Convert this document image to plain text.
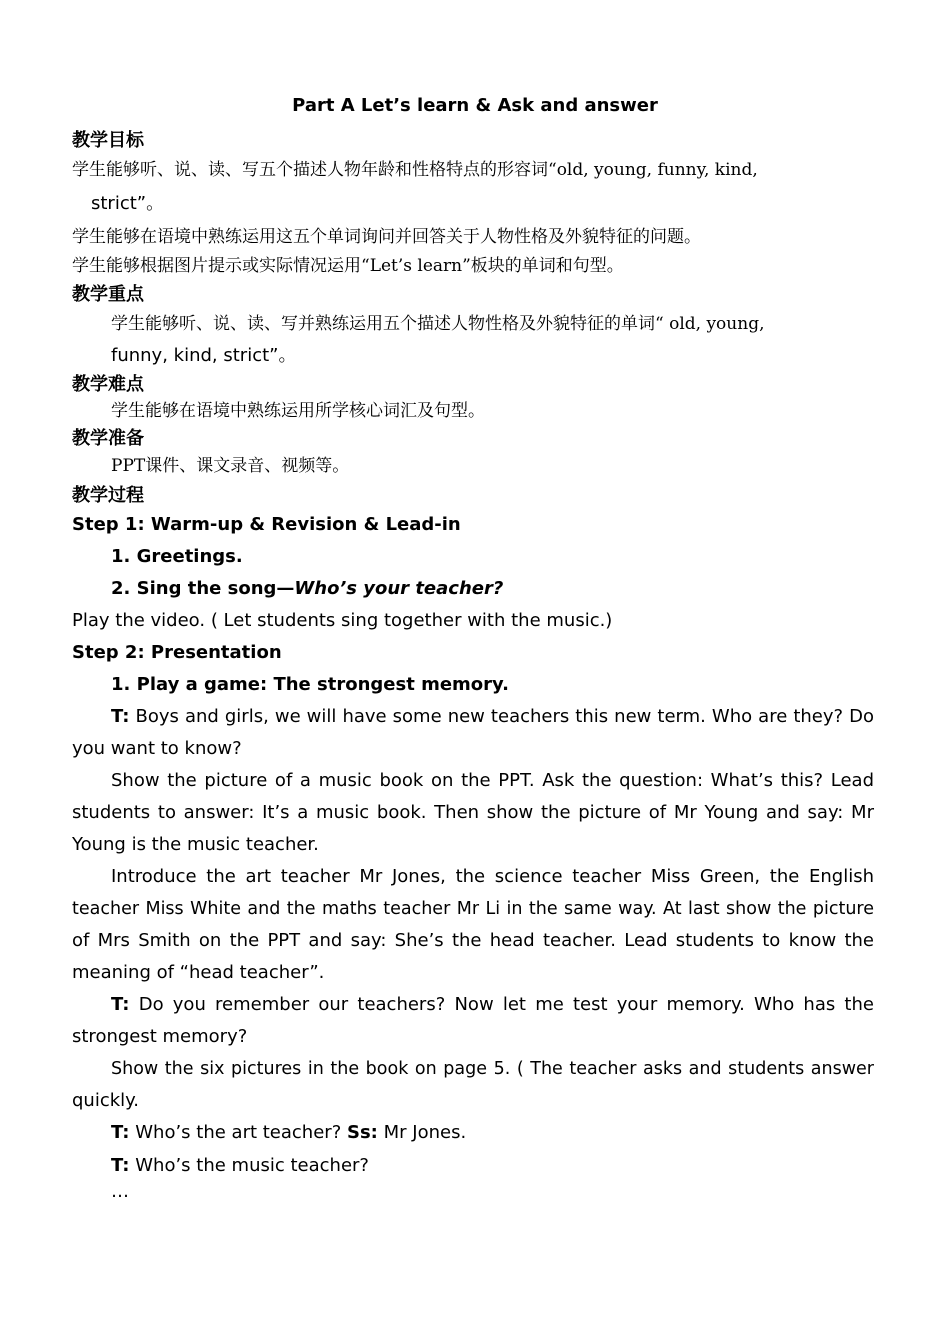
Part A Let’s learn & Ask and answer

教学目标

学生能够听、说、读、写五个描述人物年龄和性格特点的形容词“old, young, funny, kind,

strict”。

学生能够在语境中熟练运用这五个单词询问并回答关于人物性格及外貌特征的问题。

学生能够根据图片提示或实际情况运用“Let’s learn”板块的单词和句型。

教学重点

学生能够听、说、读、写并熟练运用五个描述人物性格及外貌特征的单词“ old, young,

funny, kind, strict”。

教学难点

学生能够在语境中熟练运用所学核心词汇及句型。

教学准备

PPT课件、课文录音、视频等。

教学过程

Step 1: Warm-up & Revision & Lead-in

1. Greetings.

2. Sing the song—Who’s your teacher?

Play the video. ( Let students sing together with the music.)

Step 2: Presentation

1. Play a game: The strongest memory.

T: Boys and girls, we will have some new teachers this new term. Who are they? Do

you want to know?

Show the picture of a music book on the PPT. Ask the question: What’s this? Lead

students to answer: It’s a music book. Then show the picture of Mr Young and say: Mr

Young is the music teacher.

Introduce the art teacher Mr Jones, the science teacher Miss Green, the English

teacher Miss White and the maths teacher Mr Li in the same way. At last show the picture

of Mrs Smith on the PPT and say: She’s the head teacher. Lead students to know the

meaning of “head teacher”.

T: Do you remember our teachers? Now let me test your memory. Who has the

strongest memory?

Show the six pictures in the book on page 5. ( The teacher asks and students answer

quickly.

T: Who’s the art teacher? Ss: Mr Jones.

T: Who’s the music teacher?

…
